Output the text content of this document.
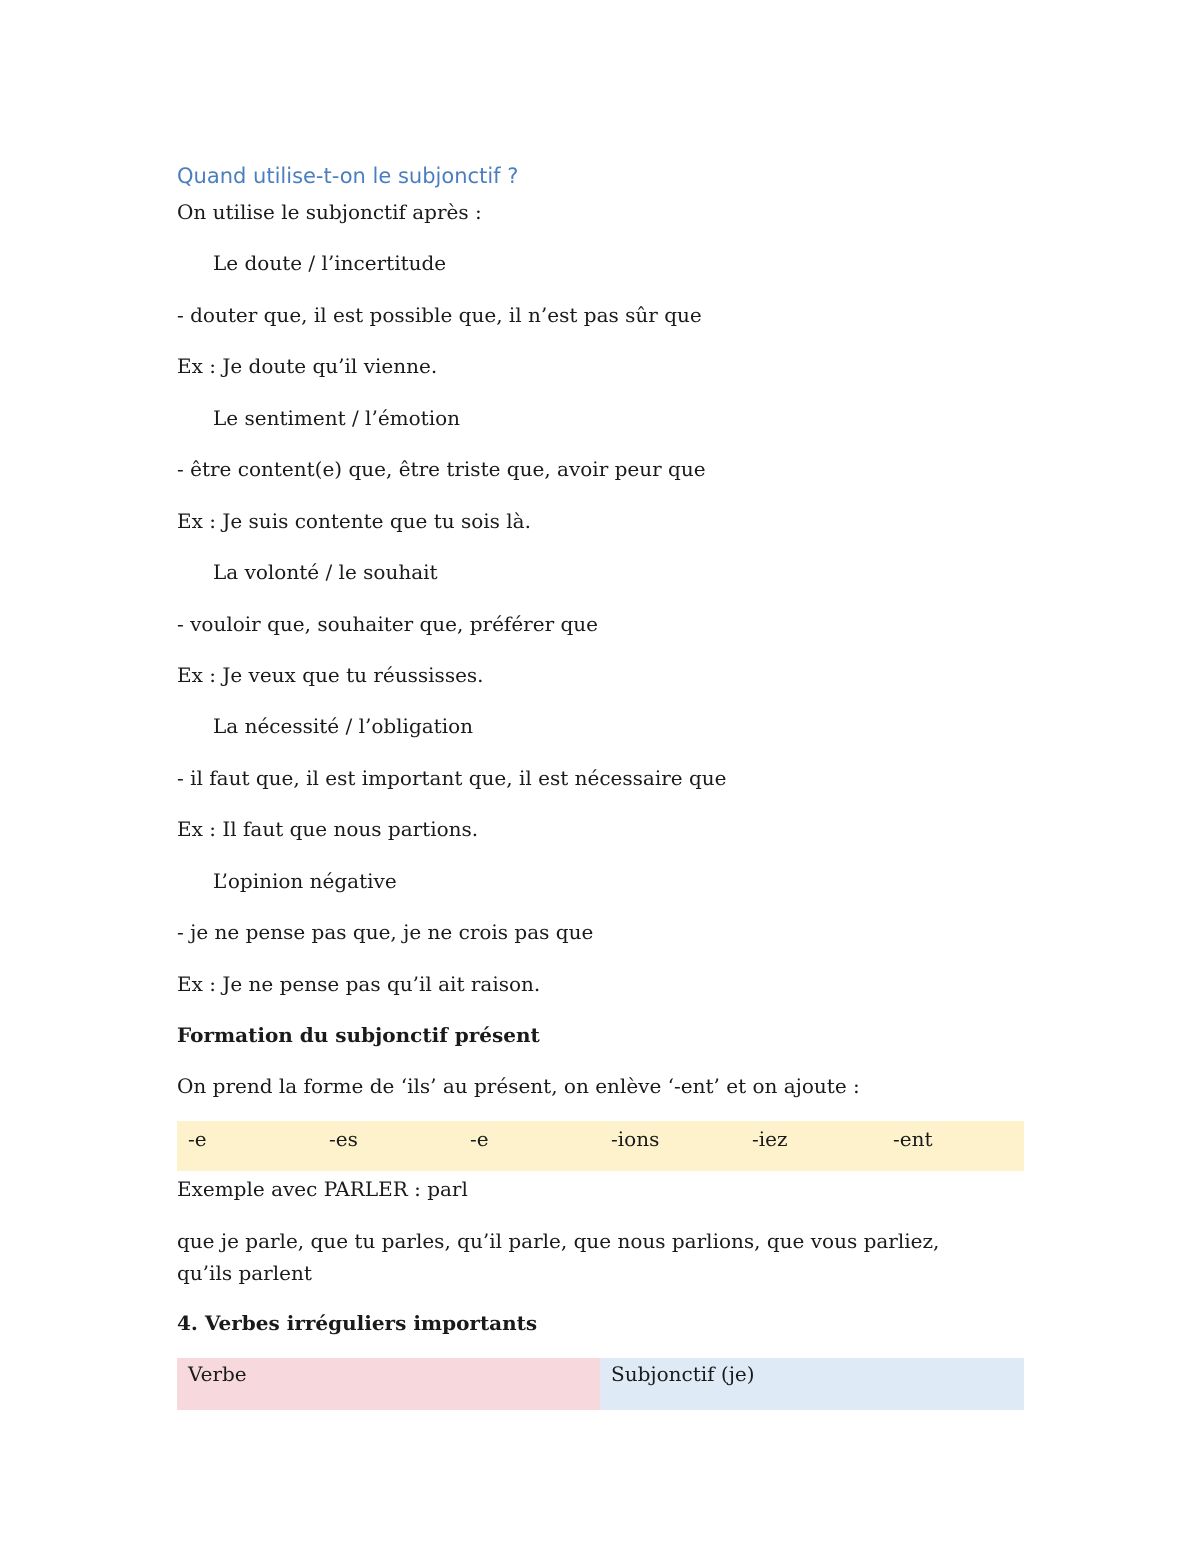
Quand utilise-t-on le subjonctif ?
On utilise le subjonctif après :
Le doute / l’incertitude
- douter que, il est possible que, il n’est pas sûr que
Ex : Je doute qu’il vienne.
Le sentiment / l’émotion
- être content(e) que, être triste que, avoir peur que
Ex : Je suis contente que tu sois là.
La volonté / le souhait
- vouloir que, souhaiter que, préférer que
Ex : Je veux que tu réussisses.
La nécessité / l’obligation
- il faut que, il est important que, il est nécessaire que
Ex : Il faut que nous partions.
L’opinion négative
- je ne pense pas que, je ne crois pas que
Ex : Je ne pense pas qu’il ait raison.
Formation du subjonctif présent
On prend la forme de ‘ils’ au présent, on enlève ‘-ent’ et on ajoute :
-e	-es	-e	-ions	-iez	-ent
Exemple avec PARLER : parl
que je parle, que tu parles, qu’il parle, que nous parlions, que vous parliez, qu’ils parlent
4. Verbes irréguliers importants
Verbe	Subjonctif (je)
